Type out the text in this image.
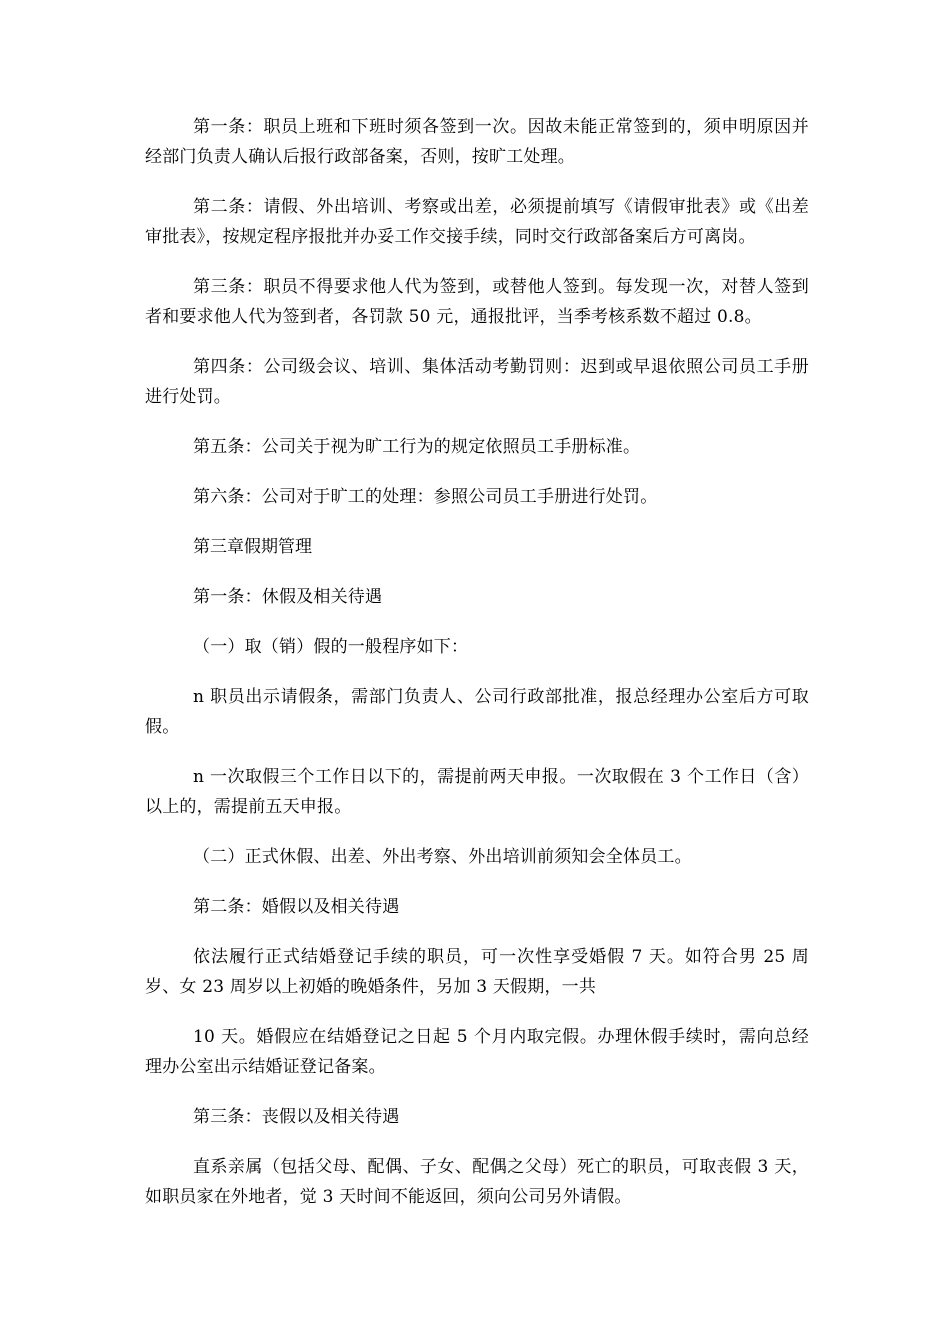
第一条：职员上班和下班时须各签到一次。因故未能正常签到的，须申明原因并经部门负责人确认后报行政部备案，否则，按旷工处理。

第二条：请假、外出培训、考察或出差，必须提前填写《请假审批表》或《出差审批表》，按规定程序报批并办妥工作交接手续，同时交行政部备案后方可离岗。

第三条：职员不得要求他人代为签到，或替他人签到。每发现一次，对替人签到者和要求他人代为签到者，各罚款 50 元，通报批评，当季考核系数不超过 0.8。

第四条：公司级会议、培训、集体活动考勤罚则：迟到或早退依照公司员工手册进行处罚。

第五条：公司关于视为旷工行为的规定依照员工手册标准。

第六条：公司对于旷工的处理：参照公司员工手册进行处罚。

第三章假期管理

第一条：休假及相关待遇

（一）取（销）假的一般程序如下：

n 职员出示请假条，需部门负责人、公司行政部批准，报总经理办公室后方可取假。

n 一次取假三个工作日以下的，需提前两天申报。一次取假在 3 个工作日（含）以上的，需提前五天申报。

（二）正式休假、出差、外出考察、外出培训前须知会全体员工。

第二条：婚假以及相关待遇

依法履行正式结婚登记手续的职员，可一次性享受婚假 7 天。如符合男 25 周岁、女 23 周岁以上初婚的晚婚条件，另加 3 天假期，一共

10 天。婚假应在结婚登记之日起 5 个月内取完假。办理休假手续时，需向总经理办公室出示结婚证登记备案。

第三条：丧假以及相关待遇

直系亲属（包括父母、配偶、子女、配偶之父母）死亡的职员，可取丧假 3 天，如职员家在外地者，觉 3 天时间不能返回，须向公司另外请假。
